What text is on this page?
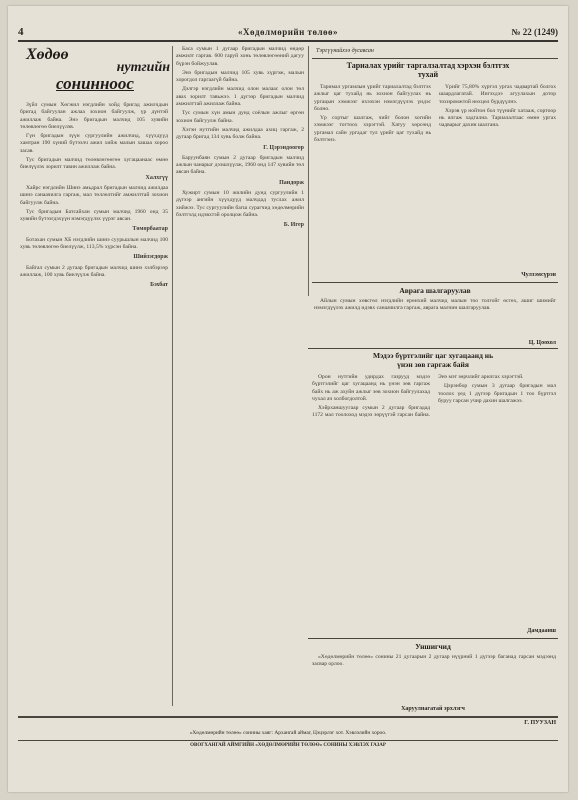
4	«Хөдөлмөрийн төлөө»	№ 22 (1249)
Хөдөө
нутгийн
сонинноос

Зүйл сумын Хөгжил нэгдлийн хойд бригад ажилчдын бригад байгуулан ажлаа зохион байгуулж, үр дүнтэй ажиллаж байна. Энэ бригадын малчид 105 хувийн төлөвлөгөө биелүүлэв.

Гүн бригадын зүүн сургуулийн ажилчид, хүүхдүүд хамтран 190 хүний бүтээлч ажил хийж малын хашаа хороо засав.

Тус бригадын малчид төлөвлөгөөгөө хугацаанаас өмнө биелүүлэх зорилт тавин ажиллаж байна.

Халхгүү

Хайрс нэгдлийн Шинэ амьдрал бригадын малчид ажилдаа шинэ санаачилга гаргаж, мал төллөлтийг амжилттай зохион байгуулж байна.

Тус бригадын Батсайхан сумын малчид 1960 онд 35 хувийн бүтээгдэхүүн нэмэгдүүлэх үүрэг авсан.

Төмөрбаатар

Ботахан сумын ХБ нэгдлийн шинэ суурьшлын малчид 100 хувь төлөвлөгөө биелүүлж, 113,5% хүрсэн байна.

Шийзэгдорж

Байгал сумын 2 дугаар бригадын малчид шинэ хэлбэрээр ажиллаж, 100 хувь биелүүлж байна.

Бэхбат

Баса сумын 1 дугаар бригадын малчид өндөр амжилт гаргав. 600 гаруй хонь төлөвлөгөөний дагуу бүрэн бойжуулав.

Энэ бригадын малчид 105 хувь хүргэж, малын хорогдол гаргаагүй байна.

Дэлгэр нэгдлийн малчид олон малаас олон төл авах зорилт тавьжээ. 1 дүгээр бригадын малчид амжилттай ажиллаж байна.

Тус сумын хүн амын дунд соёлын ажлыг өргөн зохион байгуулж байна.

Хэгэн нутгийн малчид ажилдаа ахиц гаргаж, 2 дугаар бригад 134 хувь болж байна.

Г. Цэрэндоогор

Баруунбаян сумын 2 дугаар бригадын малчид ажлын чанарыг дээшлүүлж, 1960 онд 147 хувийн төл авсан байна.

Пандорж

Хужирт сумын 10 жилийн дунд сургуулийн 1 дүгээр ангийн хүүхдүүд малчдад туслах ажил хийжээ. Тус сургуулийн багш сурагчид хөдөлмөрийн бэлтгэлд идэвхтэй оролцож байна.

Б. Игер
Тэргүүнийхээ дусавсан
Тариалах урийг таргалзалтад хэрхэн бэлтгэх тухай

Таримал ургамлын үрийг тариалалтад бэлтгэх ажлыг цаг тухайд нь зохион байгуулах нь ургацын хэмжээг ихээхэн нэмэгдүүлэх үндэс болно.

Үр сортыг шалгаж, чийг болон хогийн хэмжээг тогтоох хэрэгтэй. Хатуу хөрсөнд ургамал сайн ургадаг тул үрийг цаг тухайд нь бэлтгэнэ.

Үрийг 75,80% хүртэл ургах чадвартай болгох шаардлагатай. Ингэхдээ агуулахын дотор тохиромжтой нөхцөл бүрдүүлнэ.

Хэрэв үр нойтон бол түүнийг хатааж, сортоор нь ялгаж хадгална. Тариалалтаас өмнө ургах чадварыг дахин шалгана.

Чулзэмсүрэн
Аврага шалгаруулав

Айлын сумын хөвсгөл нэгдлийн ерөнхий малчид малын тоо толгойг өсгөх, ашиг шимийг нэмэгдүүлэх ажилд идэвх санаачилга гаргаж, аврага малчин шалгаруулав.

Ц. Цоохол
Мэдээ бүртгэлийг цаг хугацаанд нь
үнэн зөв гаргаж байя

Орон нутгийн удирдах газрууд мэдээ бүртгэлийг цаг хугацаанд нь үнэн зөв гаргаж байх нь аж ахуйн ажлыг зөв зохион байгуулахад чухал ач холбогдолтой.

Хэйрханшуугаар сумын 2 дугаар бригадад 1172 мал тоолоход мэдээ зөрүүтэй гарсан байна. Энэ мэт зөрчлийг арилгах хэрэгтэй.

Цэрэнбор сумын 3 дугаар бригадын мал тоолох үед 1 дүгээр бригадын 1 тоо бүртгэл буруу гарсан учир дахин шалгажээ.

Дамдаанш
Уншигчид

«Хөдөлмөрийн төлөө» сонины 21 дугаарын 2 дугаар нүүрний 1 дүгээр баганад гарсан мэдээнд засвар орлоо.

Харуулнагатай эрхлэгч
Г. ПУУЗАН
«Хөдөлмөрийн төлөө» сонины хаяг: Архангай аймаг, Цэцэрлэг хот. Хэвлэлийн хороо.
ОВОГХАНГАЙ АЙМГИЙН «ХӨДӨЛМӨРИЙН ТӨЛӨӨ» СОНИНЫ ХЭВЛЭХ ГАЗАР
